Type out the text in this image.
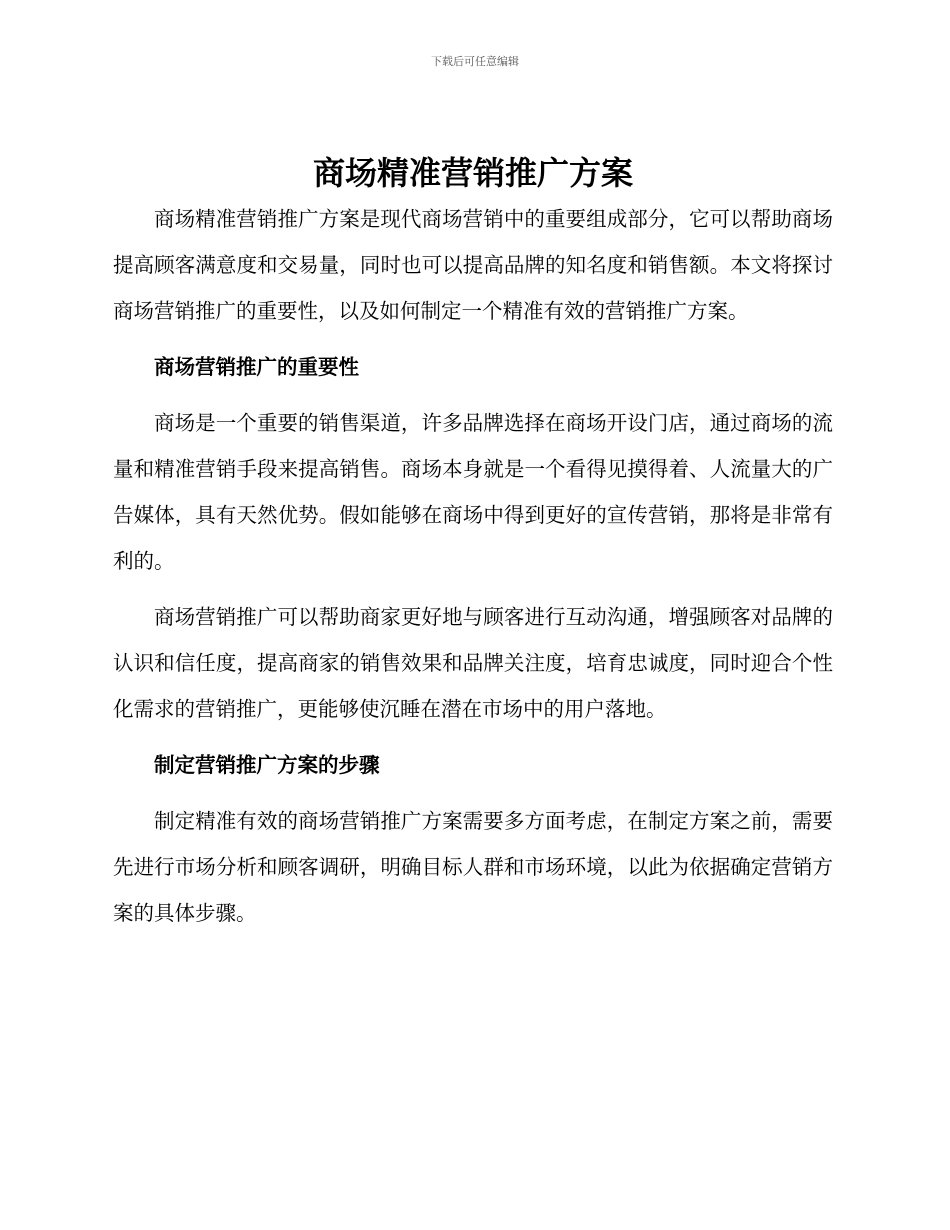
下载后可任意编辑
商场精准营销推广方案

商场精准营销推广方案是现代商场营销中的重要组成部分，它可以帮助商场提高顾客满意度和交易量，同时也可以提高品牌的知名度和销售额。本文将探讨商场营销推广的重要性，以及如何制定一个精准有效的营销推广方案。

商场营销推广的重要性

商场是一个重要的销售渠道，许多品牌选择在商场开设门店，通过商场的流量和精准营销手段来提高销售。商场本身就是一个看得见摸得着、人流量大的广告媒体，具有天然优势。假如能够在商场中得到更好的宣传营销，那将是非常有利的。

商场营销推广可以帮助商家更好地与顾客进行互动沟通，增强顾客对品牌的认识和信任度，提高商家的销售效果和品牌关注度，培育忠诚度，同时迎合个性化需求的营销推广，更能够使沉睡在潜在市场中的用户落地。

制定营销推广方案的步骤

制定精准有效的商场营销推广方案需要多方面考虑，在制定方案之前，需要先进行市场分析和顾客调研，明确目标人群和市场环境，以此为依据确定营销方案的具体步骤。
